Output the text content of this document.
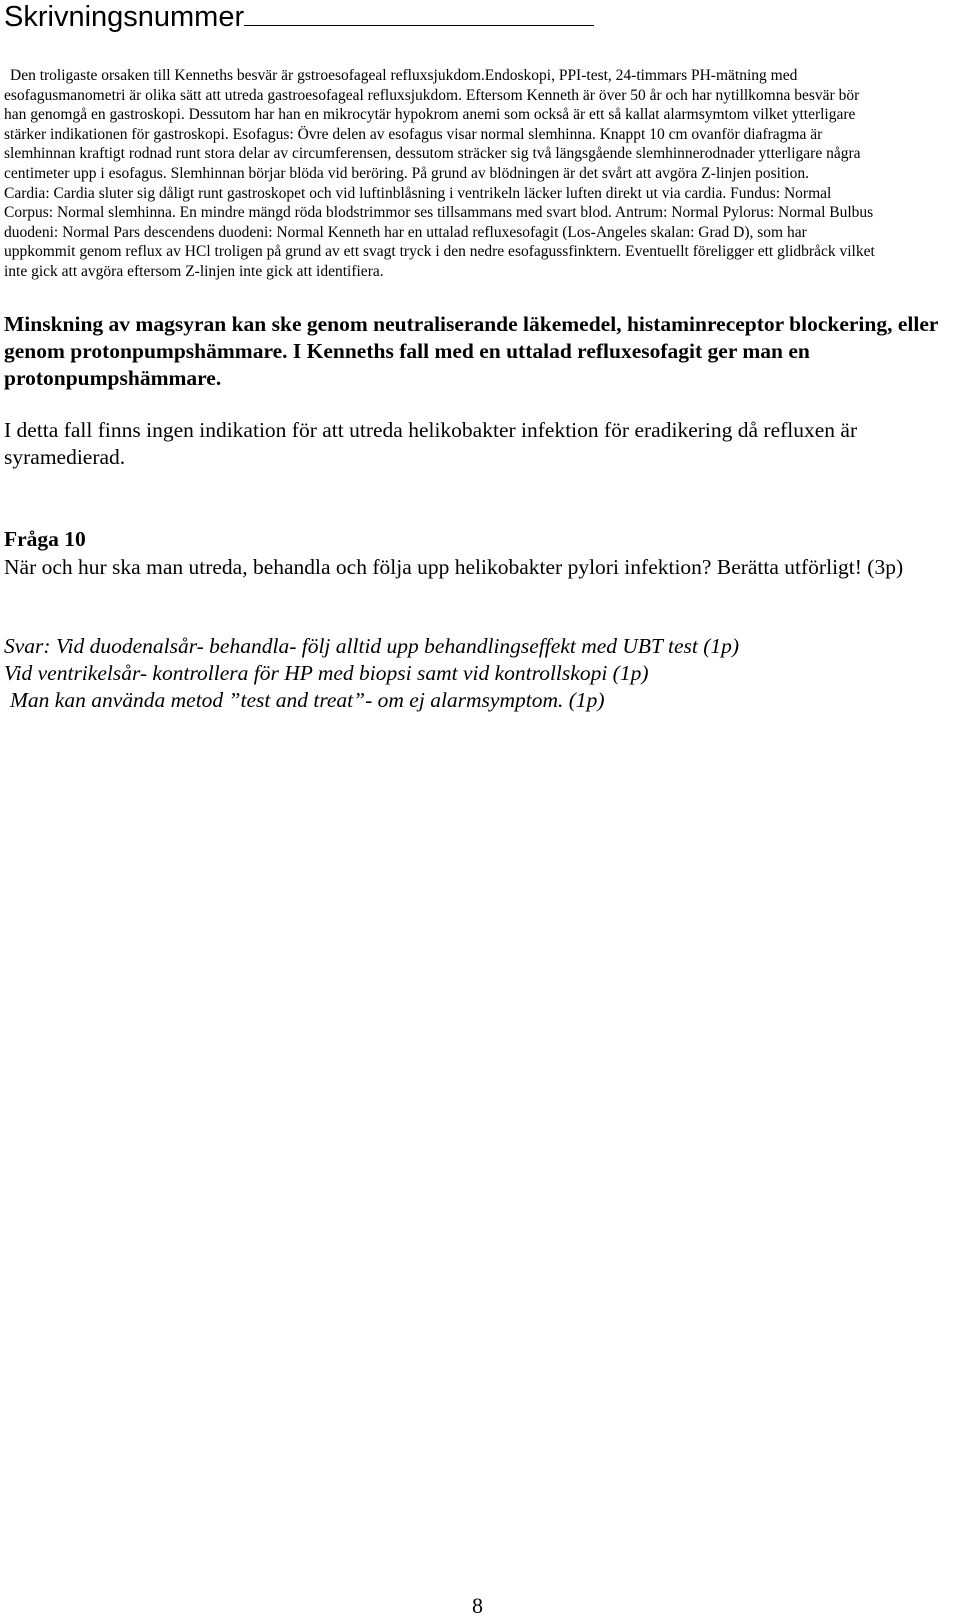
Skrivningsnummer

Den troligaste orsaken till Kenneths besvär är gstroesofageal refluxsjukdom.Endoskopi, PPI-test, 24-timmars PH-mätning med

esofagusmanometri är olika sätt att utreda gastroesofageal refluxsjukdom. Eftersom Kenneth är över 50 år och har nytillkomna besvär bör

han genomgå en gastroskopi. Dessutom har han en mikrocytär hypokrom anemi som också är ett så kallat alarmsymtom vilket ytterligare

stärker indikationen för gastroskopi. Esofagus: Övre delen av esofagus visar normal slemhinna. Knappt 10 cm ovanför diafragma är

slemhinnan kraftigt rodnad runt stora delar av circumferensen, dessutom sträcker sig två längsgående slemhinnerodnader ytterligare några

centimeter upp i esofagus. Slemhinnan börjar blöda vid beröring. På grund av blödningen är det svårt att avgöra Z-linjen position.

Cardia: Cardia sluter sig dåligt runt gastroskopet och vid luftinblåsning i ventrikeln läcker luften direkt ut via cardia. Fundus: Normal

Corpus: Normal slemhinna. En mindre mängd röda blodstrimmor ses tillsammans med svart blod. Antrum: Normal Pylorus: Normal Bulbus

duodeni: Normal Pars descendens duodeni: Normal Kenneth har en uttalad refluxesofagit (Los-Angeles skalan: Grad D), som har

uppkommit genom reflux av HCl troligen på grund av ett svagt tryck i den nedre esofagussfinktern. Eventuellt föreligger ett glidbråck vilket

inte gick att avgöra eftersom Z-linjen inte gick att identifiera.

Minskning av magsyran kan ske genom neutraliserande läkemedel, histaminreceptor blockering, eller genom protonpumpshämmare. I Kenneths fall med en uttalad refluxesofagit ger man en protonpumpshämmare.
I detta fall finns ingen indikation för att utreda helikobakter infektion för eradikering då refluxen är syramedierad.
Fråga 10
När och hur ska man utreda, behandla och följa upp helikobakter pylori infektion? Berätta utförligt! (3p)
Svar: Vid duodenalsår- behandla- följ alltid upp behandlingseffekt med UBT test (1p)
Vid ventrikelsår- kontrollera för HP med biopsi samt vid kontrollskopi (1p)
Man kan använda metod ”test and treat”- om ej alarmsymptom. (1p)
8
